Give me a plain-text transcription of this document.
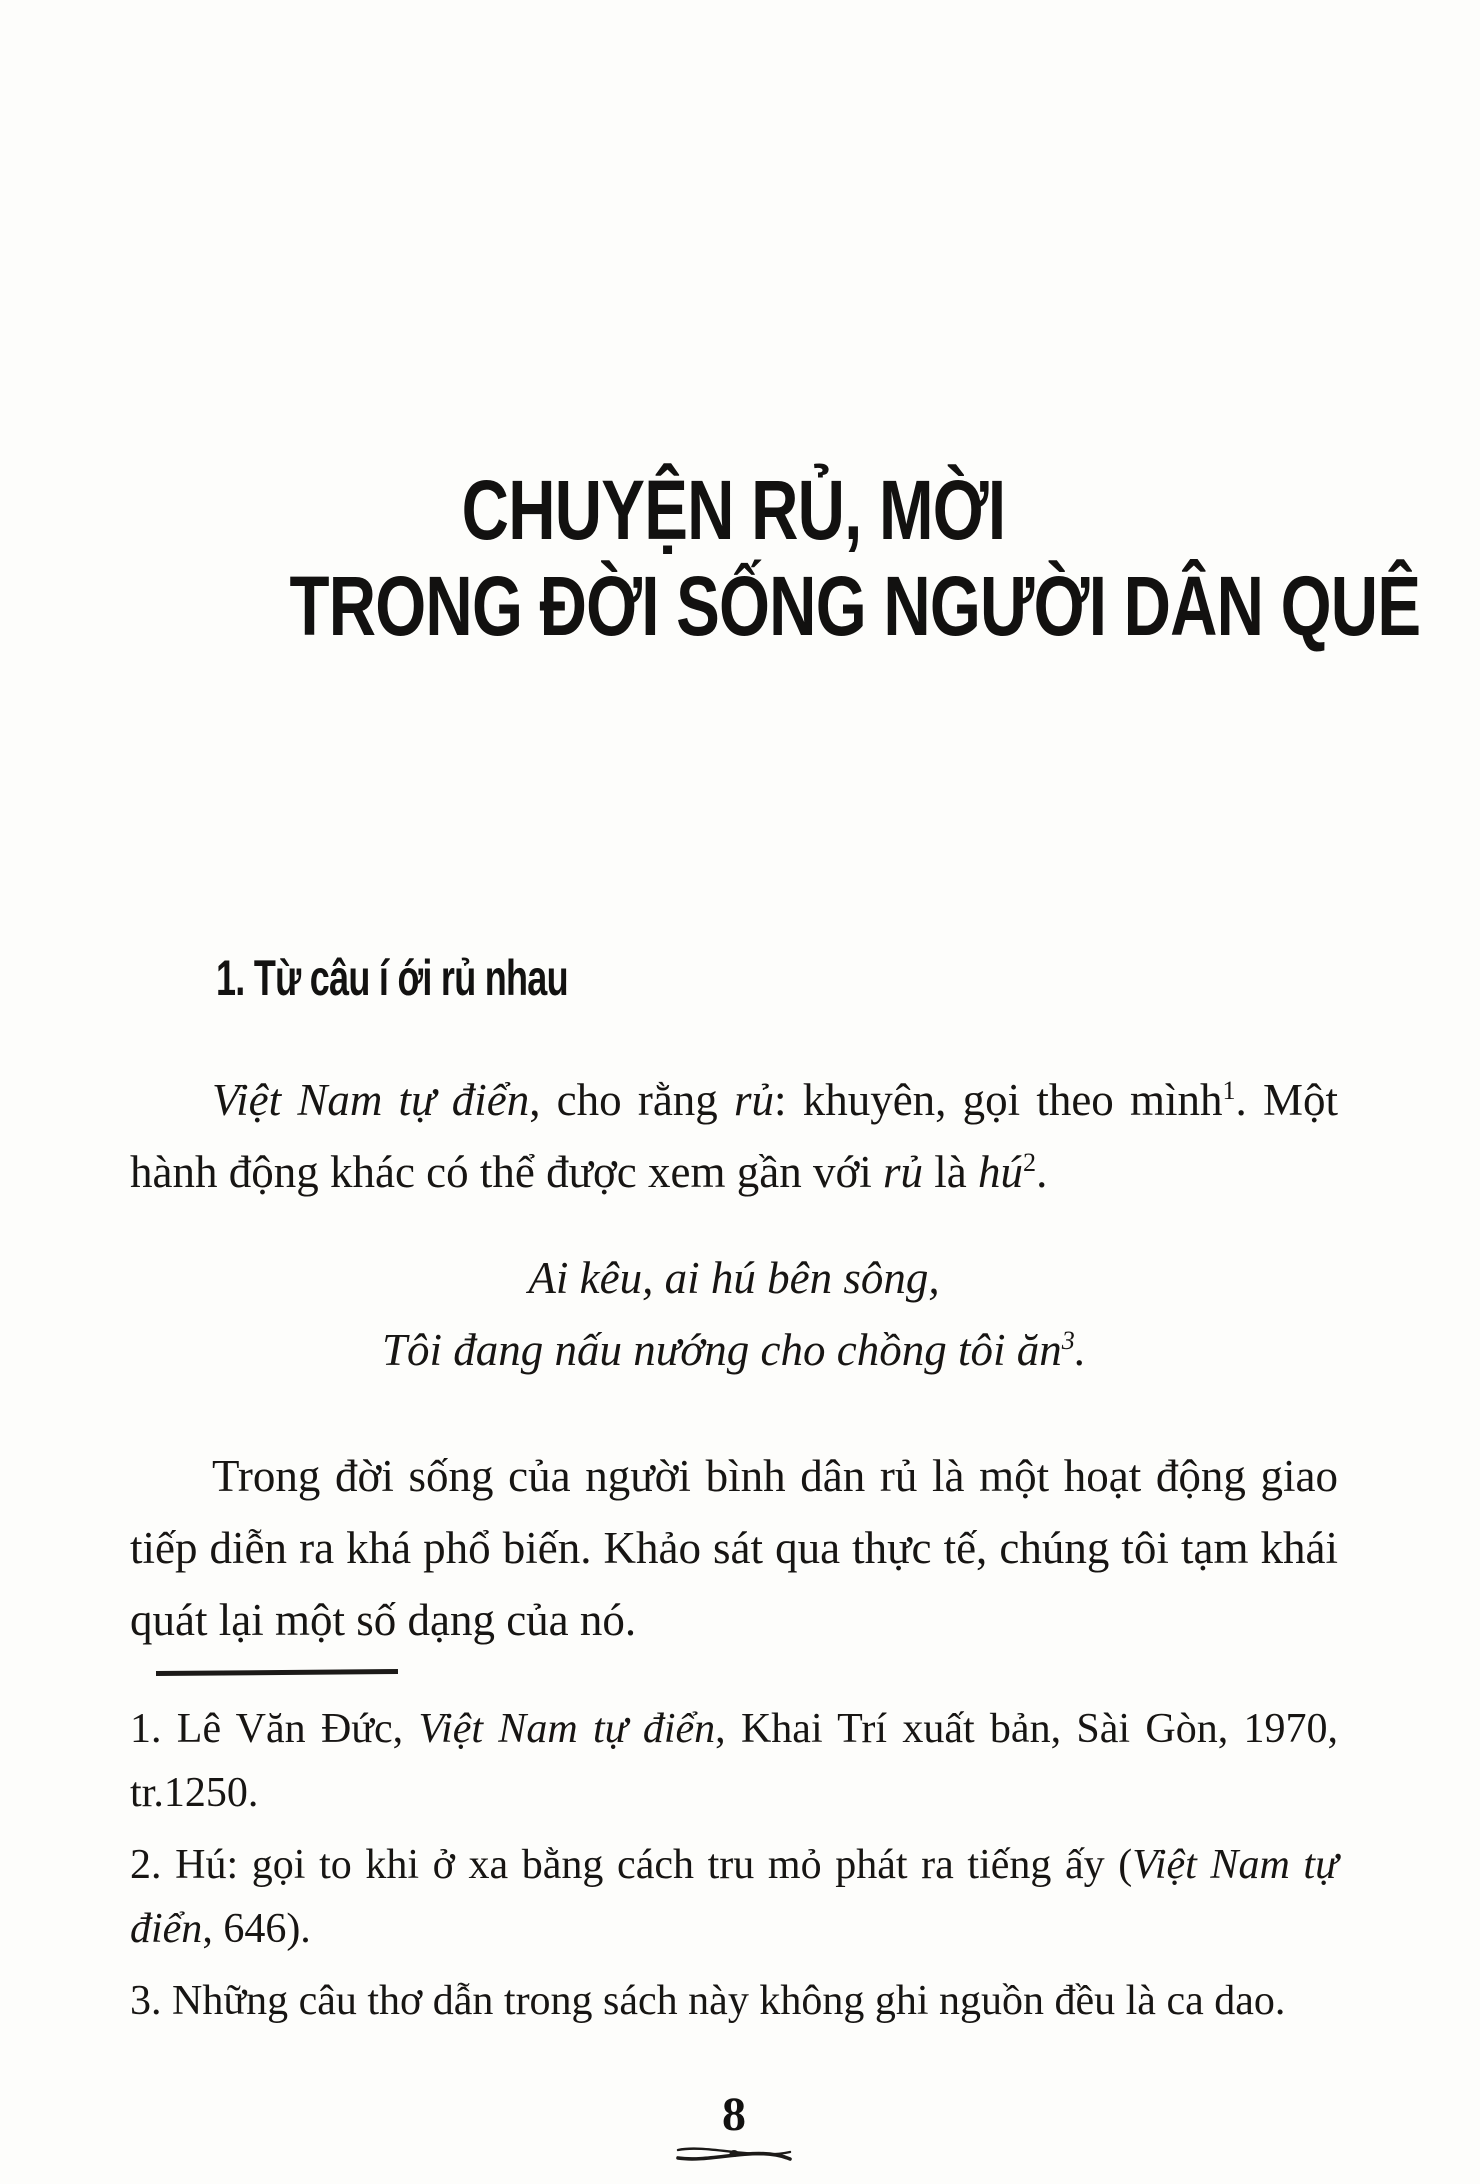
CHUYỆN RỦ, MỜI
TRONG ĐỜI SỐNG NGƯỜI DÂN QUÊ
1. Từ câu í ới rủ nhau

Việt Nam tự điển, cho rằng rủ: khuyên, gọi theo mình$^1$. Một hành động khác có thể được xem gần với rủ là $hú^2$.

Ai kêu, ai hú bên sông,
Tôi đang nấu nướng cho chồng tôi $ăn^3$.

Trong đời sống của người bình dân rủ là một hoạt động giao tiếp diễn ra khá phổ biến. Khảo sát qua thực tế, chúng tôi tạm khái quát lại một số dạng của nó.

1. Lê Văn Đức, Việt Nam tự điển, Khai Trí xuất bản, Sài Gòn, 1970, tr.1250.

2. Hú: gọi to khi ở xa bằng cách tru mỏ phát ra tiếng ấy (Việt Nam tự điển, 646).

3. Những câu thơ dẫn trong sách này không ghi nguồn đều là ca dao.

8
